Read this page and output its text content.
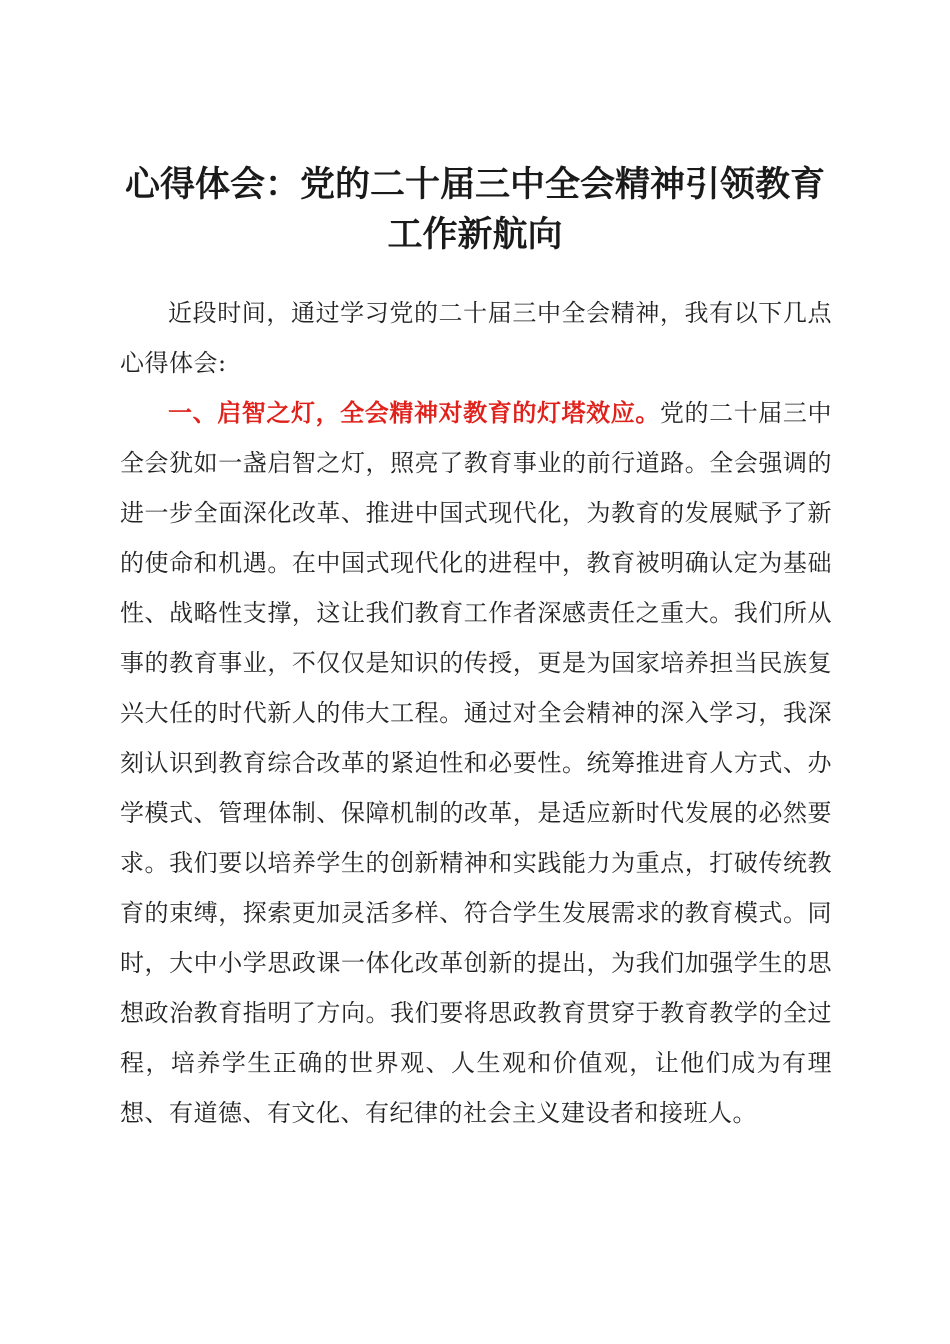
心得体会：党的二十届三中全会精神引领教育
工作新航向

近段时间，通过学习党的二十届三中全会精神，我有以下几点心得体会:

一、启智之灯，全会精神对教育的灯塔效应。党的二十届三中全会犹如一盏启智之灯，照亮了教育事业的前行道路。全会强调的进一步全面深化改革、推进中国式现代化，为教育的发展赋予了新的使命和机遇。在中国式现代化的进程中，教育被明确认定为基础性、战略性支撑，这让我们教育工作者深感责任之重大。我们所从事的教育事业，不仅仅是知识的传授，更是为国家培养担当民族复兴大任的时代新人的伟大工程。通过对全会精神的深入学习，我深刻认识到教育综合改革的紧迫性和必要性。统筹推进育人方式、办学模式、管理体制、保障机制的改革，是适应新时代发展的必然要求。我们要以培养学生的创新精神和实践能力为重点，打破传统教育的束缚，探索更加灵活多样、符合学生发展需求的教育模式。同时，大中小学思政课一体化改革创新的提出，为我们加强学生的思想政治教育指明了方向。我们要将思政教育贯穿于教育教学的全过程，培养学生正确的世界观、人生观和价值观，让他们成为有理想、有道德、有文化、有纪律的社会主义建设者和接班人。
